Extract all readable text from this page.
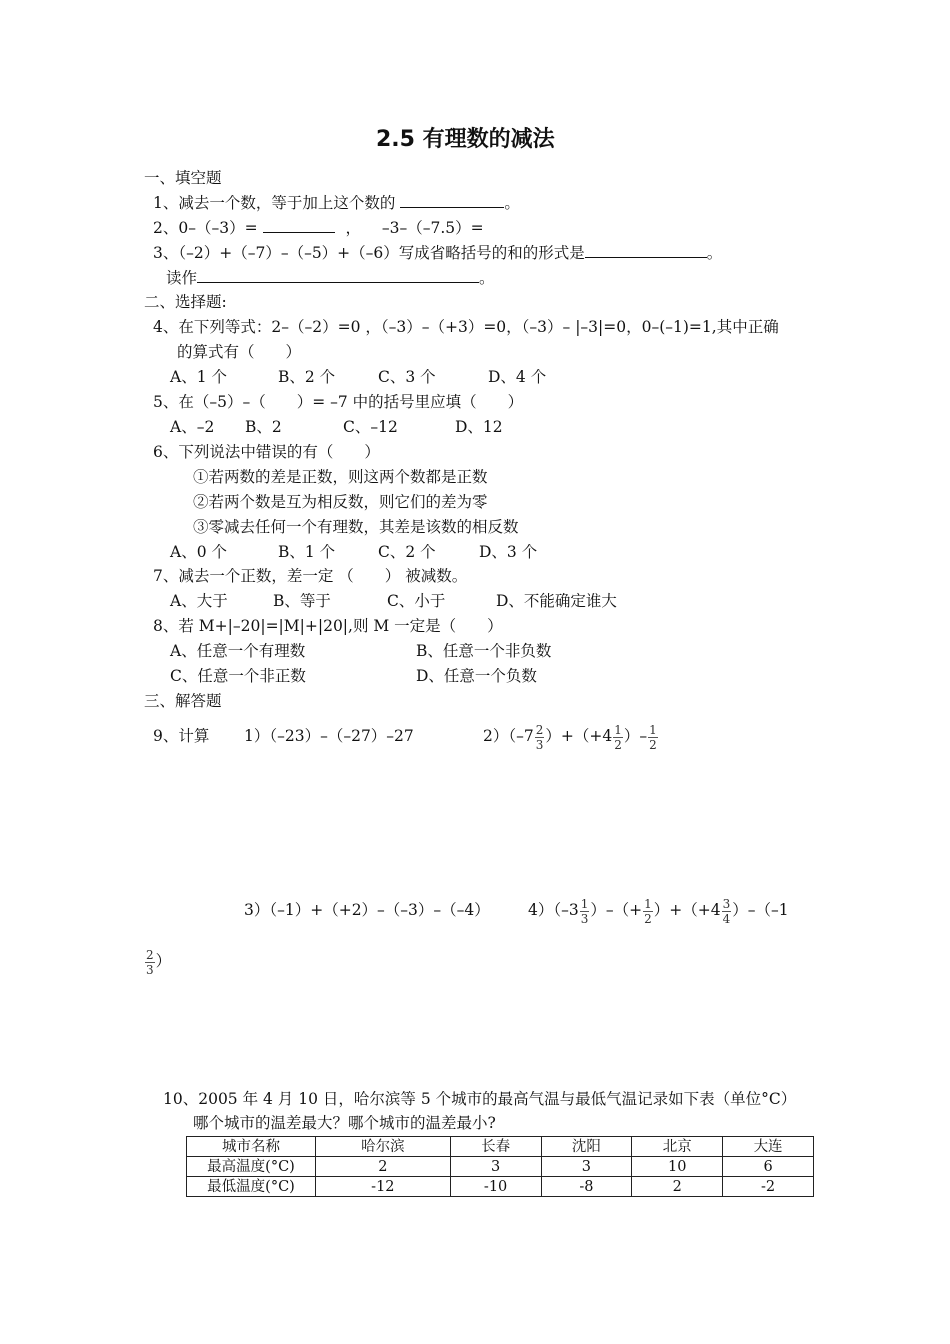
2.5 有理数的减法
一、填空题
1、减去一个数，等于加上这个数的	。
2、0–（–3）=	， –3–（–7.5）=
3、（–2）+（–7）–（–5）+（–6）写成省略括号的和的形式是	。
读作	。
二、选择题:
4、在下列等式：2–（–2）=0 ，（–3）–（+3）=0，（–3）– |–3|=0，0–(–1)=1,其中正确
的算式有（　　）
A、1 个	B、2 个	C、3 个	D、4 个
5、在（–5）–（　　）= –7 中的括号里应填（　　）
A、–2 B、2	C、–12	D、12
6、下列说法中错误的有（　　）
①若两数的差是正数，则这两个数都是正数
②若两个数是互为相反数，则它们的差为零
③零减去任何一个有理数，其差是该数的相反数
A、0 个	B、1 个	C、2 个	D、3 个
7、减去一个正数，差一定 （　　） 被减数。
A、大于	B、等于	C、小于	D、不能确定谁大
8、若 M+|–20|=|M|+|20|,则 M 一定是（　　）
A、任意一个有理数	B、任意一个非负数
C、任意一个非正数	D、任意一个负数
三、解答题
9、计算 1）（–23）–（–27）–27	$2)(-7 \frac{2}{3} )+(+4 \frac{1}{2}$ ）– $\frac{1}{2}$
3）（–1）+（+2）–（–3）–（–4） $4)(-3 \frac{1}{3}$ ）–（+ $\frac{1}{2} )+(+4 \frac{3}{4} )-(-1$
$\frac{2}{3}$ ）
10、2005 年 4 月 10 日，哈尔滨等 5 个城市的最高气温与最低气温记录如下表（单位°C）
哪个城市的温差最大？哪个城市的温差最小?
城市名称	哈尔滨	长春	沈阳	北京	大连
最高温度(°C)	2	3	3	10	6
最低温度(°C)	-12	-10	-8	2	-2
